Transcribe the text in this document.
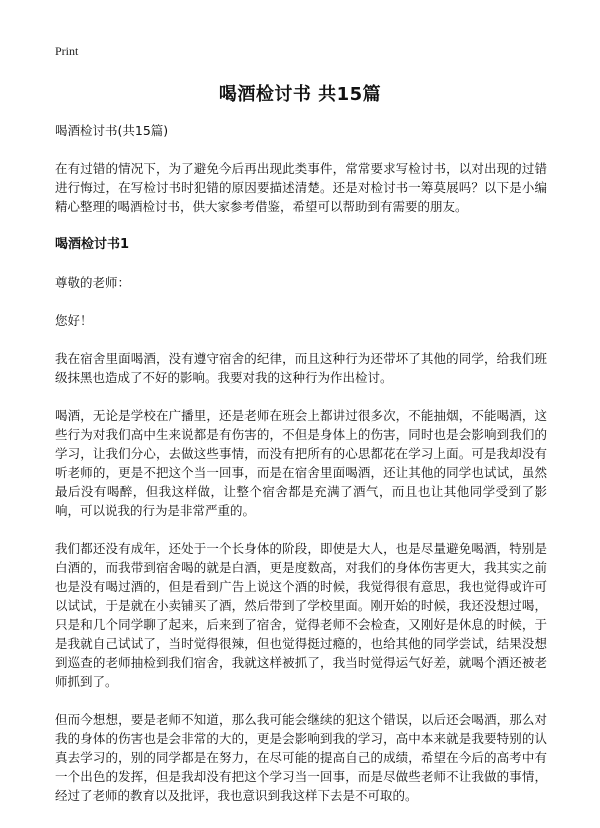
Print
喝酒检讨书 共15篇

喝酒检讨书(共15篇)

在有过错的情况下，为了避免今后再出现此类事件，常常要求写检讨书，以对出现的过错进行悔过，在写检讨书时犯错的原因要描述清楚。还是对检讨书一筹莫展吗？以下是小编精心整理的喝酒检讨书，供大家参考借鉴，希望可以帮助到有需要的朋友。

喝酒检讨书1

尊敬的老师：

您好！

我在宿舍里面喝酒，没有遵守宿舍的纪律，而且这种行为还带坏了其他的同学，给我们班级抹黑也造成了不好的影响。我要对我的这种行为作出检讨。

喝酒，无论是学校在广播里，还是老师在班会上都讲过很多次，不能抽烟，不能喝酒，这些行为对我们高中生来说都是有伤害的，不但是身体上的伤害，同时也是会影响到我们的学习，让我们分心，去做这些事情，而没有把所有的心思都花在学习上面。可是我却没有听老师的，更是不把这个当一回事，而是在宿舍里面喝酒，还让其他的同学也试试，虽然最后没有喝醉，但我这样做，让整个宿舍都是充满了酒气，而且也让其他同学受到了影响，可以说我的行为是非常严重的。

我们都还没有成年，还处于一个长身体的阶段，即使是大人，也是尽量避免喝酒，特别是白酒的，而我带到宿舍喝的就是白酒，更是度数高，对我们的身体伤害更大，我其实之前也是没有喝过酒的，但是看到广告上说这个酒的时候，我觉得很有意思，我也觉得或许可以试试，于是就在小卖铺买了酒，然后带到了学校里面。刚开始的时候，我还没想过喝，只是和几个同学聊了起来，后来到了宿舍，觉得老师不会检查，又刚好是休息的时候，于是我就自己试试了，当时觉得很辣，但也觉得挺过瘾的，也给其他的同学尝试，结果没想到巡查的老师抽检到我们宿舍，我就这样被抓了，我当时觉得运气好差，就喝个酒还被老师抓到了。

但而今想想，要是老师不知道，那么我可能会继续的犯这个错误，以后还会喝酒，那么对我的身体的伤害也是会非常的大的，更是会影响到我的学习，高中本来就是我要特别的认真去学习的，别的同学都是在努力，在尽可能的提高自己的成绩，希望在今后的高考中有一个出色的发挥，但是我却没有把这个学习当一回事，而是尽做些老师不让我做的事情，经过了老师的教育以及批评，我也意识到我这样下去是不可取的。
